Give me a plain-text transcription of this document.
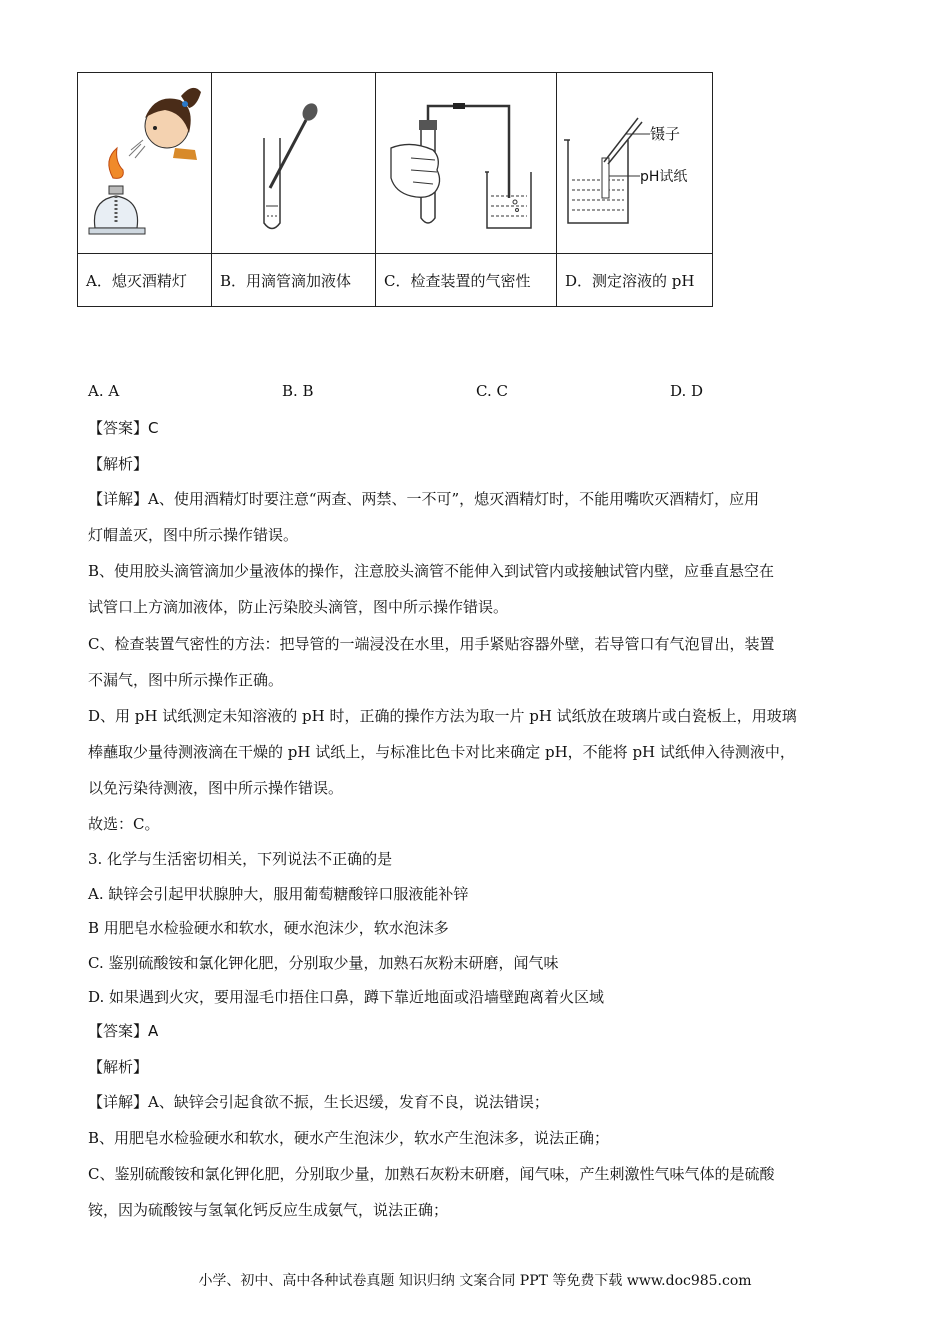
镊子
pH试纸

A．熄灭酒精灯	B．用滴管滴加液体	C．检查装置的气密性	D．测定溶液的 pH
A. A	B. B	C. C	D. D
【答案】C
【解析】
【详解】A、使用酒精灯时要注意“两查、两禁、一不可”，熄灭酒精灯时，不能用嘴吹灭酒精灯，应用
灯帽盖灭，图中所示操作错误。
B、使用胶头滴管滴加少量液体的操作，注意胶头滴管不能伸入到试管内或接触试管内壁，应垂直悬空在
试管口上方滴加液体，防止污染胶头滴管，图中所示操作错误。
C、检查装置气密性的方法：把导管的一端浸没在水里，用手紧贴容器外壁，若导管口有气泡冒出，装置
不漏气，图中所示操作正确。
D、用 pH 试纸测定未知溶液的 pH 时，正确的操作方法为取一片 pH 试纸放在玻璃片或白瓷板上，用玻璃
棒蘸取少量待测液滴在干燥的 pH 试纸上，与标准比色卡对比来确定 pH，不能将 pH 试纸伸入待测液中，
以免污染待测液，图中所示操作错误。
故选：C。
3. 化学与生活密切相关，下列说法不正确的是
A. 缺锌会引起甲状腺肿大，服用葡萄糖酸锌口服液能补锌
B 用肥皂水检验硬水和软水，硬水泡沫少，软水泡沫多
C. 鉴别硫酸铵和氯化钾化肥，分别取少量，加熟石灰粉末研磨，闻气味
D. 如果遇到火灾，要用湿毛巾捂住口鼻，蹲下靠近地面或沿墙壁跑离着火区域
【答案】A
【解析】
【详解】A、缺锌会引起食欲不振，生长迟缓，发育不良，说法错误；
B、用肥皂水检验硬水和软水，硬水产生泡沫少，软水产生泡沫多，说法正确；
C、鉴别硫酸铵和氯化钾化肥，分别取少量，加熟石灰粉末研磨，闻气味，产生刺激性气味气体的是硫酸
铵，因为硫酸铵与氢氧化钙反应生成氨气，说法正确；
小学、初中、高中各种试卷真题 知识归纳 文案合同 PPT 等免费下载 www.doc985.com
